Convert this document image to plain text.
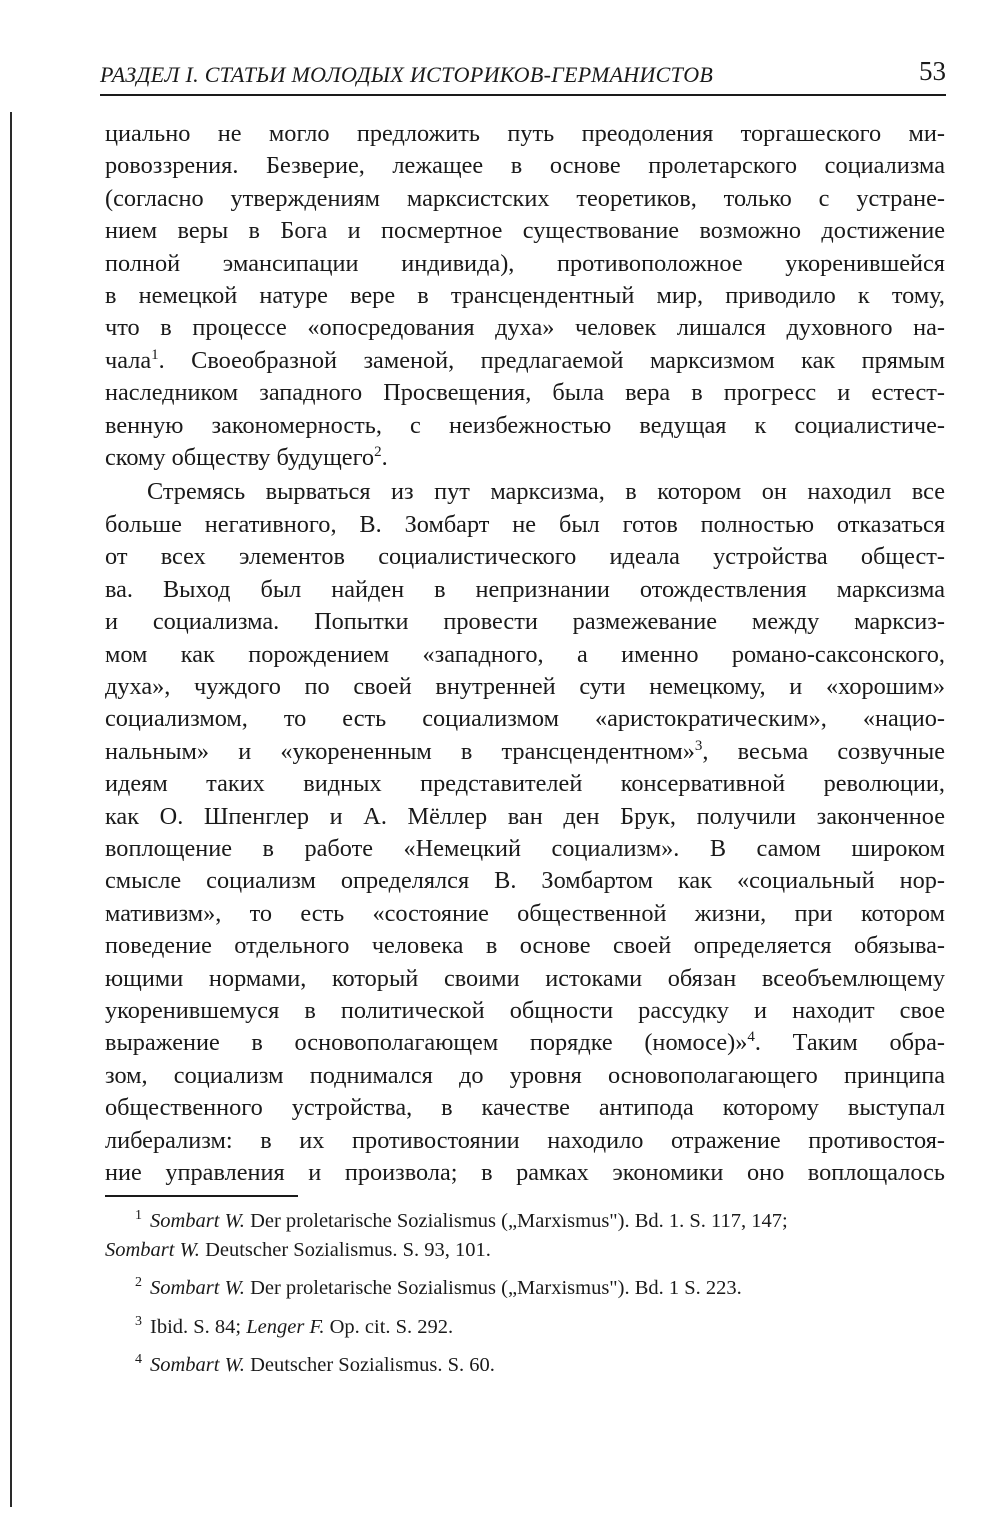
РАЗДЕЛ I. СТАТЬИ МОЛОДЫХ ИСТОРИКОВ-ГЕРМАНИСТОВ	53

циально не могло предложить путь преодоления торгашеского ми-
ровоззрения. Безверие, лежащее в основе пролетарского социализма
(согласно утверждениям марксистских теоретиков, только с устране-
нием веры в Бога и посмертное существование возможно достижение
полной эмансипации индивида), противоположное укоренившейся
в немецкой натуре вере в трансцендентный мир, приводило к тому,
что в процессе «опосредования духа» человек лишался духовного на-
чала$^1$. Своеобразной заменой, предлагаемой марксизмом как прямым
наследником западного Просвещения, была вера в прогресс и естест-
венную закономерность, с неизбежностью ведущая к социалистиче-
скому обществу будущего$^2$.

Стремясь вырваться из пут марксизма, в котором он находил все
больше негативного, В. Зомбарт не был готов полностью отказаться
от всех элементов социалистического идеала устройства общест-
ва. Выход был найден в непризнании отождествления марксизма
и социализма. Попытки провести размежевание между марксиз-
мом как порождением «западного, а именно романо-саксонского,
духа», чуждого по своей внутренней сути немецкому, и «хорошим»
социализмом, то есть социализмом «аристократическим», «нацио-
нальным» и «укорененным в трансцендентном»$^3$, весьма созвучные
идеям таких видных представителей консервативной революции,
как О. Шпенглер и А. Мёллер ван ден Брук, получили законченное
воплощение в работе «Немецкий социализм». В самом широком
смысле социализм определялся В. Зомбартом как «социальный нор-
мативизм», то есть «состояние общественной жизни, при котором
поведение отдельного человека в основе своей определяется обязыва-
ющими нормами, который своими истоками обязан всеобъемлющему
укоренившемуся в политической общности рассудку и находит свое
выражение в основополагающем порядке (номосе)»$^4$. Таким обра-
зом, социализм поднимался до уровня основополагающего принципа
общественного устройства, в качестве антипода которому выступал
либерализм: в их противостоянии находило отражение противостоя-
ние управления и произвола; в рамках экономики оно воплощалось

$^1$ Sombart W. Der proletarische Sozialismus („Marxismus"). Bd. 1. S. 117, 147;
Sombart W. Deutscher Sozialismus. S. 93, 101.

$^2$ Sombart W. Der proletarische Sozialismus („Marxismus"). Bd. 1 S. 223.

$^3$ Ibid. S. 84; Lenger F. Op. cit. S. 292.

$^4$ Sombart W. Deutscher Sozialismus. S. 60.
